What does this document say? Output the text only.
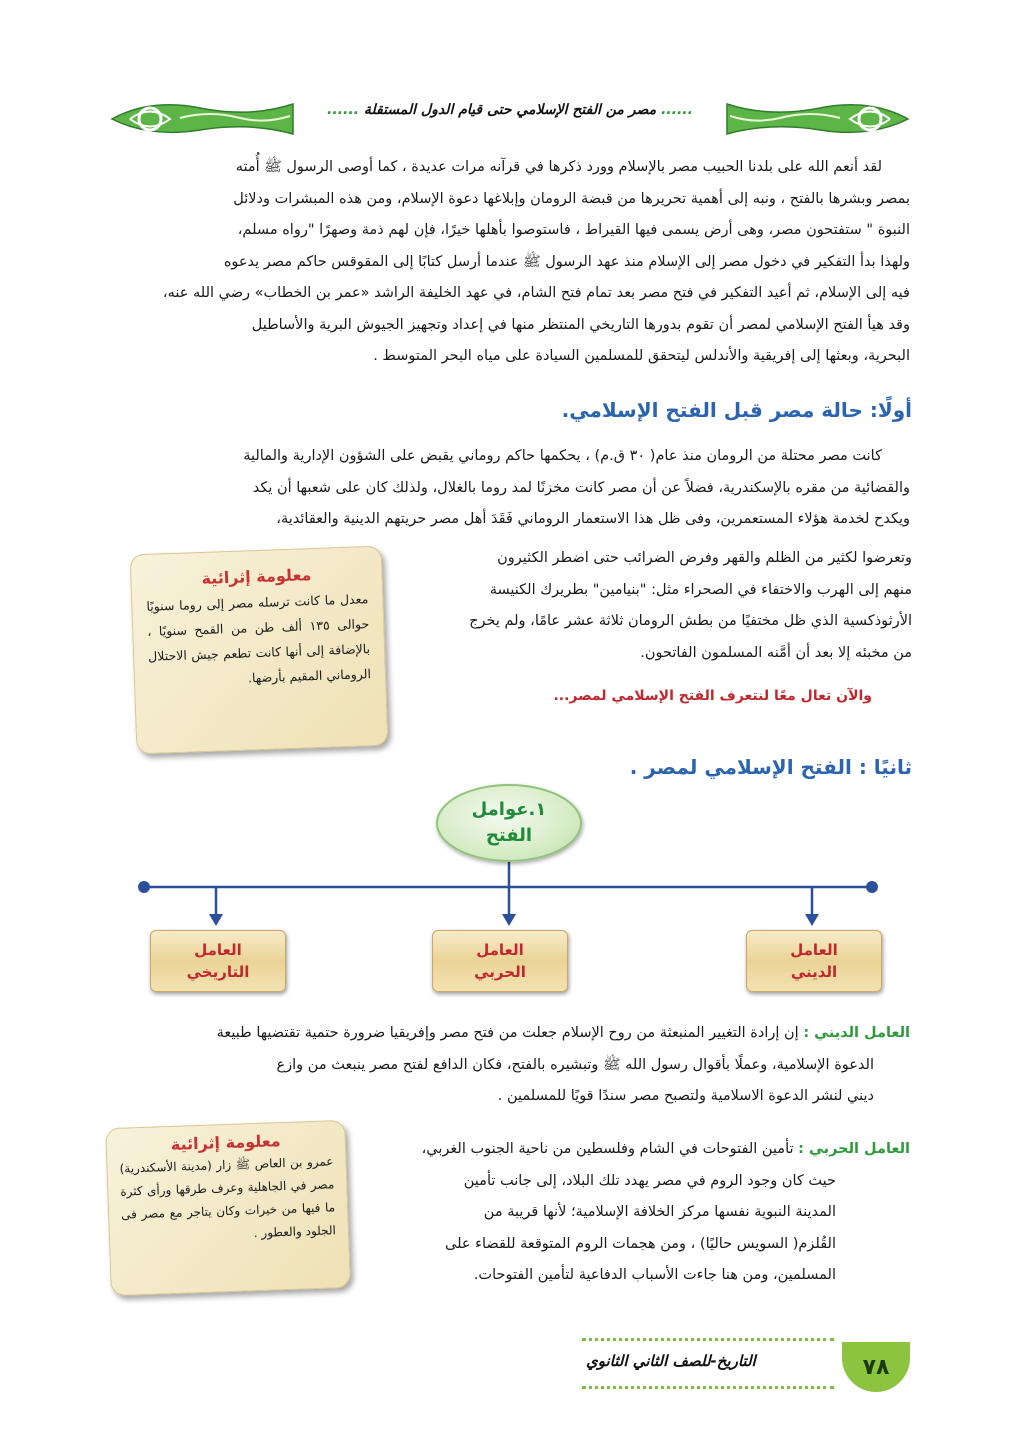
...... مصر من الفتح الإسلامي حتى قيام الدول المستقلة ......
لقد أنعم الله على بلدنا الحبيب مصر بالإسلام وورد ذكرها في قرآنه مرات عديدة ، كما أوصى الرسول ﷺ أُمته
بمصر وبشرها بالفتح ، ونبه إلى أهمية تحريرها من قبضة الرومان وإبلاغها دعوة الإسلام، ومن هذه المبشرات ودلائل
النبوة " ستفتحون مصر، وهى أرض يسمى فيها القيراط ، فاستوصوا بأهلها خيرًا، فإن لهم ذمة وصهرًا "رواه مسلم،
ولهذا بدأ التفكير في دخول مصر إلى الإسلام منذ عهد الرسول ﷺ عندما أرسل كتابًا إلى المقوقس حاكم مصر يدعوه
فيه إلى الإسلام، ثم أعيد التفكير في فتح مصر بعد تمام فتح الشام، في عهد الخليفة الراشد «عمر بن الخطاب» رضي الله عنه،
وقد هيأ الفتح الإسلامي لمصر أن تقوم بدورها التاريخي المنتظر منها في إعداد وتجهيز الجيوش البرية والأساطيل
البحرية، وبعثها إلى إفريقية والأندلس ليتحقق للمسلمين السيادة على مياه البحر المتوسط .
أولًا: حالة مصر قبل الفتح الإسلامي.
كانت مصر محتلة من الرومان منذ عام( ٣٠ ق.م) ، يحكمها حاكم روماني يقبض على الشؤون الإدارية والمالية
والقضائية من مقره بالإسكندرية، فضلاً عن أن مصر كانت مخزنًا لمد روما بالغلال، ولذلك كان على شعبها أن يكد
ويكدح لخدمة هؤلاء المستعمرين، وفى ظل هذا الاستعمار الروماني فَقَدَ أهل مصر حريتهم الدينية والعقائدية،
وتعرضوا لكثير من الظلم والقهر وفرض الضرائب حتى اضطر الكثيرون
منهم إلى الهرب والاختفاء في الصحراء مثل: "بنيامين" بطريرك الكنيسة
الأرثوذكسية الذي ظل مختفيًا من بطش الرومان ثلاثة عشر عامًا، ولم يخرج
من مخبئه إلا بعد أن أمَّنه المسلمون الفاتحون.
والآن تعال معًا لنتعرف الفتح الإسلامي لمصر...
معلومة إثرائية
معدل ما كانت ترسله مصر إلى روما سنويًا حوالى ١٣٥ ألف طن من القمح سنويًا ، بالإضافة إلى أنها كانت تطعم جيش الاحتلال الروماني المقيم بأرضها.
ثانيًا : الفتح الإسلامي لمصر .
١.عوامل
الفتح
العامل
الديني
العامل
الحربي
العامل
التاريخي
العامل الديني : إن إرادة التغيير المنبعثة من روح الإسلام جعلت من فتح مصر وإفريقيا ضرورة حتمية تقتضيها طبيعة
الدعوة الإسلامية، وعملًا بأقوال رسول الله ﷺ وتبشيره بالفتح، فكان الدافع لفتح مصر ينبعث من وازع
ديني لنشر الدعوة الاسلامية ولتصبح مصر سندًا قويًا للمسلمين .
العامل الحربي : تأمين الفتوحات في الشام وفلسطين من ناحية الجنوب الغربي،
حيث كان وجود الروم في مصر يهدد تلك البلاد، إلى جانب تأمين
المدينة النبوية نفسها مركز الخلافة الإسلامية؛ لأنها قريبة من
القُلزم( السويس حاليًا) ، ومن هجمات الروم المتوقعة للقضاء على
المسلمين، ومن هنا جاءت الأسباب الدفاعية لتأمين الفتوحات.
معلومة إثرائية
عمرو بن العاص ﷺ زار (مدينة الأسكندرية) مصر في الجاهلية وعرف طرقها ورأى كثرة ما فيها من خيرات وكان يتاجر مع مصر فى الجلود والعطور .
التاريخ-للصف الثاني الثانوي	٧٨
